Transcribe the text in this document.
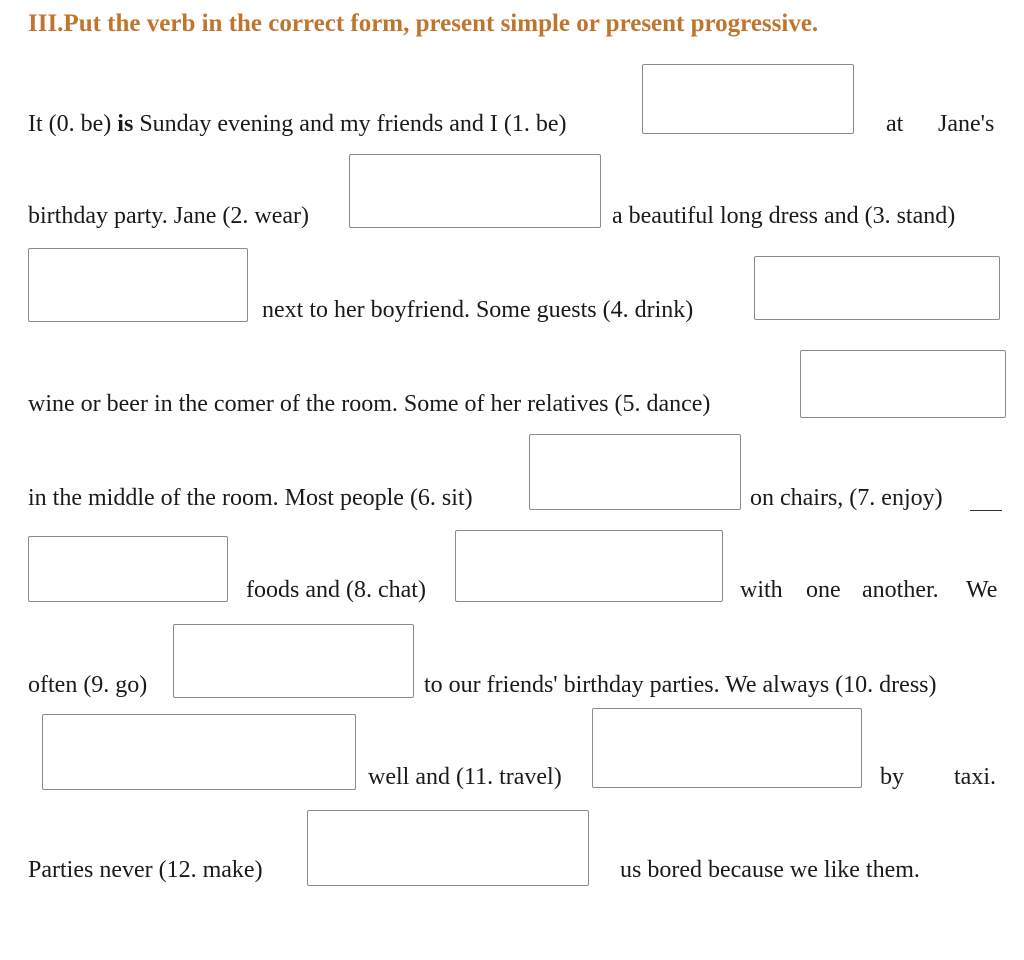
III.Put the verb in the correct form, present simple or present progressive.
It (0. be) is Sunday evening and my friends and I (1. be)	at Jane's
birthday party. Jane (2. wear)	a beautiful long dress and (3. stand)
next to her boyfriend. Some guests (4. drink)
wine or beer in the comer of the room. Some of her relatives (5. dance)
in the middle of the room. Most people (6. sit)	on chairs, (7. enjoy)
foods and (8. chat)	with one another. We
often (9. go)	to our friends' birthday parties. We always (10. dress)
well and (11. travel)	by taxi.
Parties never (12. make)	us bored because we like them.
